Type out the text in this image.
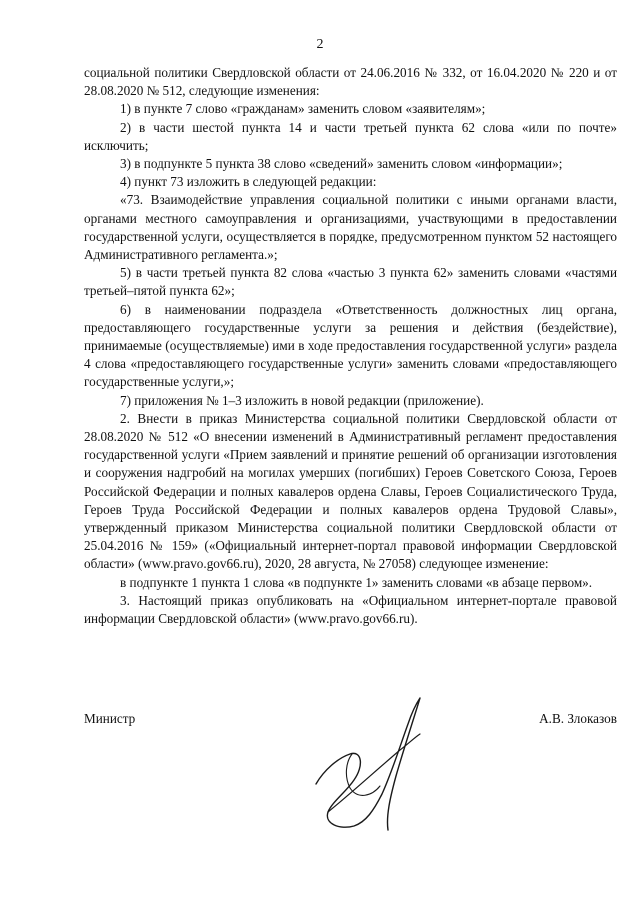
2

социальной политики Свердловской области от 24.06.2016 № 332, от 16.04.2020 № 220 и от 28.08.2020 № 512, следующие изменения:

1) в пункте 7 слово «гражданам» заменить словом «заявителям»;

2) в части шестой пункта 14 и части третьей пункта 62 слова «или по почте» исключить;

3) в подпункте 5 пункта 38 слово «сведений» заменить словом «информации»;

4) пункт 73 изложить в следующей редакции:

«73. Взаимодействие управления социальной политики с иными органами власти, органами местного самоуправления и организациями, участвующими в предоставлении государственной услуги, осуществляется в порядке, предусмотренном пунктом 52 настоящего Административного регламента.»;

5) в части третьей пункта 82 слова «частью 3 пункта 62» заменить словами «частями третьей–пятой пункта 62»;

6) в наименовании подраздела «Ответственность должностных лиц органа, предоставляющего государственные услуги за решения и действия (бездействие), принимаемые (осуществляемые) ими в ходе предоставления государственной услуги» раздела 4 слова «предоставляющего государственные услуги» заменить словами «предоставляющего государственные услуги,»;

7) приложения № 1–3 изложить в новой редакции (приложение).

2. Внести в приказ Министерства социальной политики Свердловской области от 28.08.2020 № 512 «О внесении изменений в Административный регламент предоставления государственной услуги «Прием заявлений и принятие решений об организации изготовления и сооружения надгробий на могилах умерших (погибших) Героев Советского Союза, Героев Российской Федерации и полных кавалеров ордена Славы, Героев Социалистического Труда, Героев Труда Российской Федерации и полных кавалеров ордена Трудовой Славы», утвержденный приказом Министерства социальной политики Свердловской области от 25.04.2016 № 159» («Официальный интернет-портал правовой информации Свердловской области» (www.pravo.gov66.ru), 2020, 28 августа, № 27058) следующее изменение:

в подпункте 1 пункта 1 слова «в подпункте 1» заменить словами «в абзаце первом».

3. Настоящий приказ опубликовать на «Официальном интернет-портале правовой информации Свердловской области» (www.pravo.gov66.ru).

Министр	А.В. Злоказов
